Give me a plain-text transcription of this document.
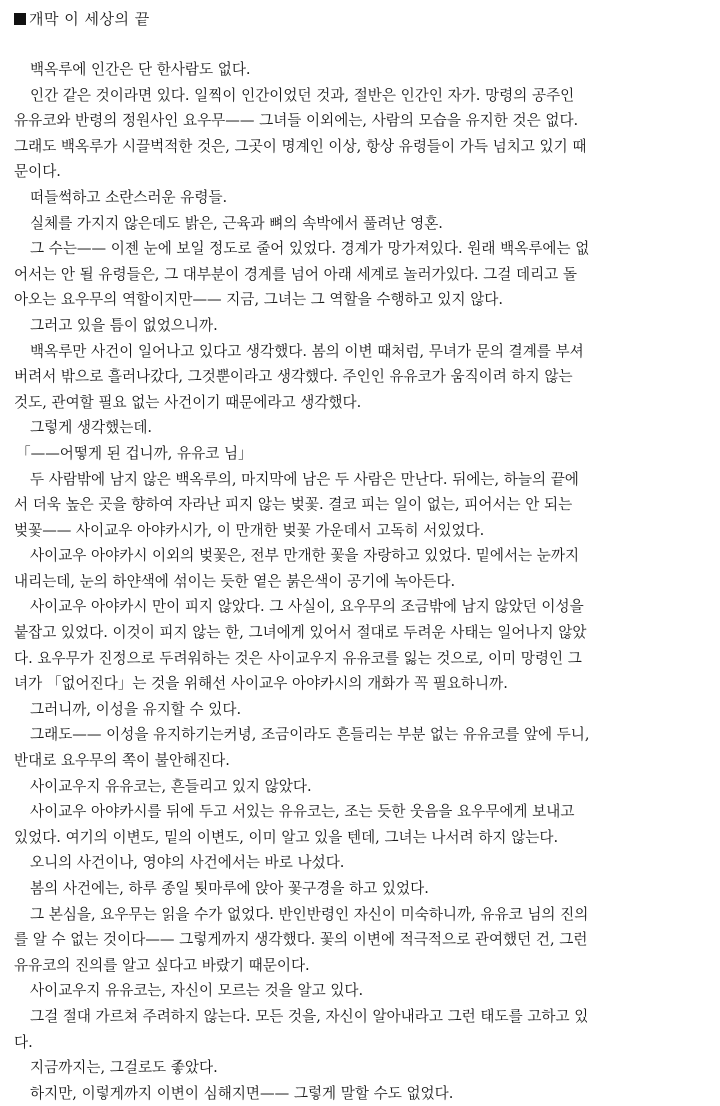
개막 이 세상의 끝
백옥루에 인간은 단 한사람도 없다.
인간 같은 것이라면 있다. 일찍이 인간이었던 것과, 절반은 인간인 자가. 망령의 공주인
유유코와 반령의 정원사인 요우무—— 그녀들 이외에는, 사람의 모습을 유지한 것은 없다.
그래도 백옥루가 시끌벅적한 것은, 그곳이 명계인 이상, 항상 유령들이 가득 넘치고 있기 때
문이다.
떠들썩하고 소란스러운 유령들.
실체를 가지지 않은데도 밝은, 근육과 뼈의 속박에서 풀려난 영혼.
그 수는—— 이젠 눈에 보일 정도로 줄어 있었다. 경계가 망가져있다. 원래 백옥루에는 없
어서는 안 될 유령들은, 그 대부분이 경계를 넘어 아래 세계로 놀러가있다. 그걸 데리고 돌
아오는 요우무의 역할이지만—— 지금, 그녀는 그 역할을 수행하고 있지 않다.
그러고 있을 틈이 없었으니까.
백옥루만 사건이 일어나고 있다고 생각했다. 봄의 이변 때처럼, 무녀가 문의 결계를 부셔
버려서 밖으로 흘러나갔다, 그것뿐이라고 생각했다. 주인인 유유코가 움직이려 하지 않는
것도, 관여할 필요 없는 사건이기 때문에라고 생각했다.
그렇게 생각했는데.
「——어떻게 된 겁니까, 유유코 님」
두 사람밖에 남지 않은 백옥루의, 마지막에 남은 두 사람은 만난다. 뒤에는, 하늘의 끝에
서 더욱 높은 곳을 향하여 자라난 피지 않는 벚꽃. 결코 피는 일이 없는, 피어서는 안 되는
벚꽃—— 사이교우 아야카시가, 이 만개한 벚꽃 가운데서 고독히 서있었다.
사이교우 아야카시 이외의 벚꽃은, 전부 만개한 꽃을 자랑하고 있었다. 밑에서는 눈까지
내리는데, 눈의 하얀색에 섞이는 듯한 옅은 붉은색이 공기에 녹아든다.
사이교우 아야카시 만이 피지 않았다. 그 사실이, 요우무의 조금밖에 남지 않았던 이성을
붙잡고 있었다. 이것이 피지 않는 한, 그녀에게 있어서 절대로 두려운 사태는 일어나지 않았
다. 요우무가 진정으로 두려워하는 것은 사이교우지 유유코를 잃는 것으로, 이미 망령인 그
녀가 「없어진다」는 것을 위해선 사이교우 아야카시의 개화가 꼭 필요하니까.
그러니까, 이성을 유지할 수 있다.
그래도—— 이성을 유지하기는커녕, 조금이라도 흔들리는 부분 없는 유유코를 앞에 두니,
반대로 요우무의 쪽이 불안해진다.
사이교우지 유유코는, 흔들리고 있지 않았다.
사이교우 아야카시를 뒤에 두고 서있는 유유코는, 조는 듯한 웃음을 요우무에게 보내고
있었다. 여기의 이변도, 밑의 이변도, 이미 알고 있을 텐데, 그녀는 나서려 하지 않는다.
오니의 사건이나, 영야의 사건에서는 바로 나섰다.
봄의 사건에는, 하루 종일 툇마루에 앉아 꽃구경을 하고 있었다.
그 본심을, 요우무는 읽을 수가 없었다. 반인반령인 자신이 미숙하니까, 유유코 님의 진의
를 알 수 없는 것이다—— 그렇게까지 생각했다. 꽃의 이변에 적극적으로 관여했던 건, 그런
유유코의 진의를 알고 싶다고 바랐기 때문이다.
사이교우지 유유코는, 자신이 모르는 것을 알고 있다.
그걸 절대 가르쳐 주려하지 않는다. 모든 것을, 자신이 알아내라고 그런 태도를 고하고 있
다.
지금까지는, 그걸로도 좋았다.
하지만, 이렇게까지 이변이 심해지면—— 그렇게 말할 수도 없었다.
